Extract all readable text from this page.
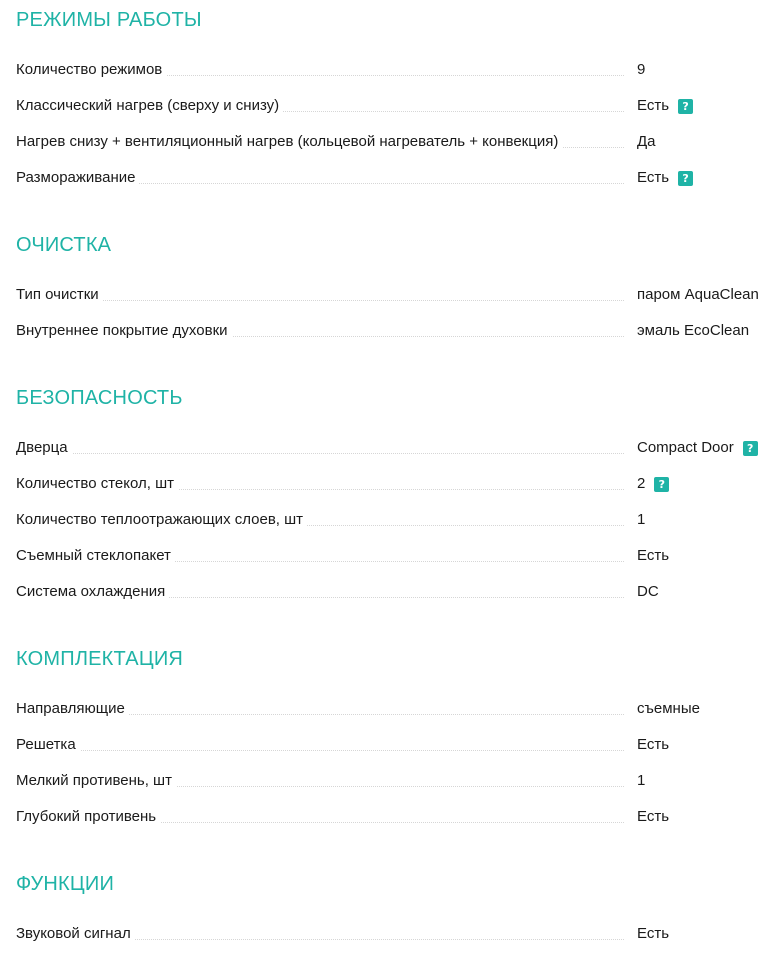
РЕЖИМЫ РАБОТЫ
Количество режимов	9
Классический нагрев (сверху и снизу)	Есть	?
Нагрев снизу + вентиляционный нагрев (кольцевой нагреватель + конвекция)	Да
Размораживание	Есть	?
ОЧИСТКА
Тип очистки	паром AquaClean
Внутреннее покрытие духовки	эмаль EcoClean
БЕЗОПАСНОСТЬ
Дверца	Compact Door	?
Количество стекол, шт	2	?
Количество теплоотражающих слоев, шт	1
Съемный стеклопакет	Есть
Система охлаждения	DC
КОМПЛЕКТАЦИЯ
Направляющие	съемные
Решетка	Есть
Мелкий противень, шт	1
Глубокий противень	Есть
ФУНКЦИИ
Звуковой сигнал	Есть
